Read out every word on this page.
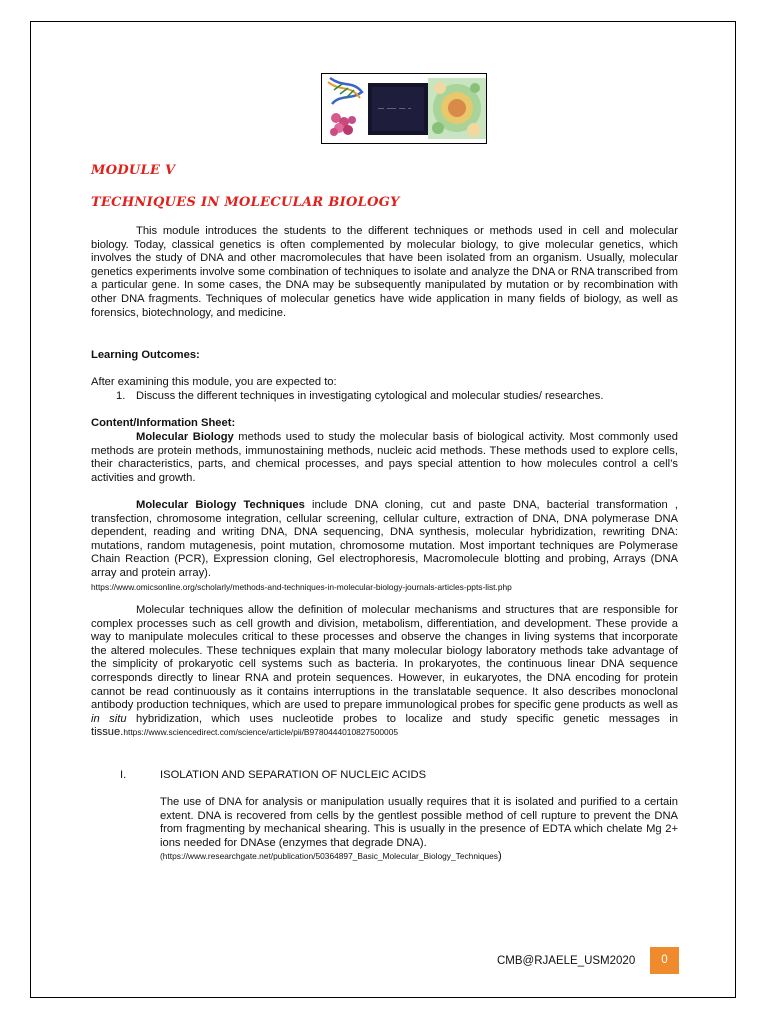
── ─── ── ─
MODULE V
TECHNIQUES IN MOLECULAR BIOLOGY

This module introduces the students to the different techniques or methods used in cell and molecular biology. Today, classical genetics is often complemented by molecular biology, to give molecular genetics, which involves the study of DNA and other macromolecules that have been isolated from an organism. Usually, molecular genetics experiments involve some combination of techniques to isolate and analyze the DNA or RNA transcribed from a particular gene. In some cases, the DNA may be subsequently manipulated by mutation or by recombination with other DNA fragments. Techniques of molecular genetics have wide application in many fields of biology, as well as forensics, biotechnology, and medicine.

Learning Outcomes:
After examining this module, you are expected to:
1. Discuss the different techniques in investigating cytological and molecular studies/ researches.
Content/Information Sheet:

Molecular Biology methods used to study the molecular basis of biological activity. Most commonly used methods are protein methods, immunostaining methods, nucleic acid methods. These methods used to explore cells, their characteristics, parts, and chemical processes, and pays special attention to how molecules control a cell’s activities and growth.

Molecular Biology Techniques include DNA cloning, cut and paste DNA, bacterial transformation , transfection, chromosome integration, cellular screening, cellular culture, extraction of DNA, DNA polymerase DNA dependent, reading and writing DNA, DNA sequencing, DNA synthesis, molecular hybridization, rewriting DNA: mutations, random mutagenesis, point mutation, chromosome mutation. Most important techniques are Polymerase Chain Reaction (PCR), Expression cloning, Gel electrophoresis, Macromolecule blotting and probing, Arrays (DNA array and protein array).
https://www.omicsonline.org/scholarly/methods-and-techniques-in-molecular-biology-journals-articles-ppts-list.php

Molecular techniques allow the definition of molecular mechanisms and structures that are responsible for complex processes such as cell growth and division, metabolism, differentiation, and development. These provide a way to manipulate molecules critical to these processes and observe the changes in living systems that incorporate the altered molecules. These techniques explain that many molecular biology laboratory methods take advantage of the simplicity of prokaryotic cell systems such as bacteria. In prokaryotes, the continuous linear DNA sequence corresponds directly to linear RNA and protein sequences. However, in eukaryotes, the DNA encoding for protein cannot be read continuously as it contains interruptions in the translatable sequence. It also describes monoclonal antibody production techniques, which are used to prepare immunological probes for specific gene products as well as in situ hybridization, which uses nucleotide probes to localize and study specific genetic messages in tissue.https://www.sciencedirect.com/science/article/pii/B9780444010827500005

I.	ISOLATION AND SEPARATION OF NUCLEIC ACIDS

The use of DNA for analysis or manipulation usually requires that it is isolated and purified to a certain extent. DNA is recovered from cells by the gentlest possible method of cell rupture to prevent the DNA from fragmenting by mechanical shearing. This is usually in the presence of EDTA which chelate Mg 2+ ions needed for DNAse (enzymes that degrade DNA).
(https://www.researchgate.net/publication/50364897_Basic_Molecular_Biology_Techniques)

CMB@RJAELE_USM2020	0
